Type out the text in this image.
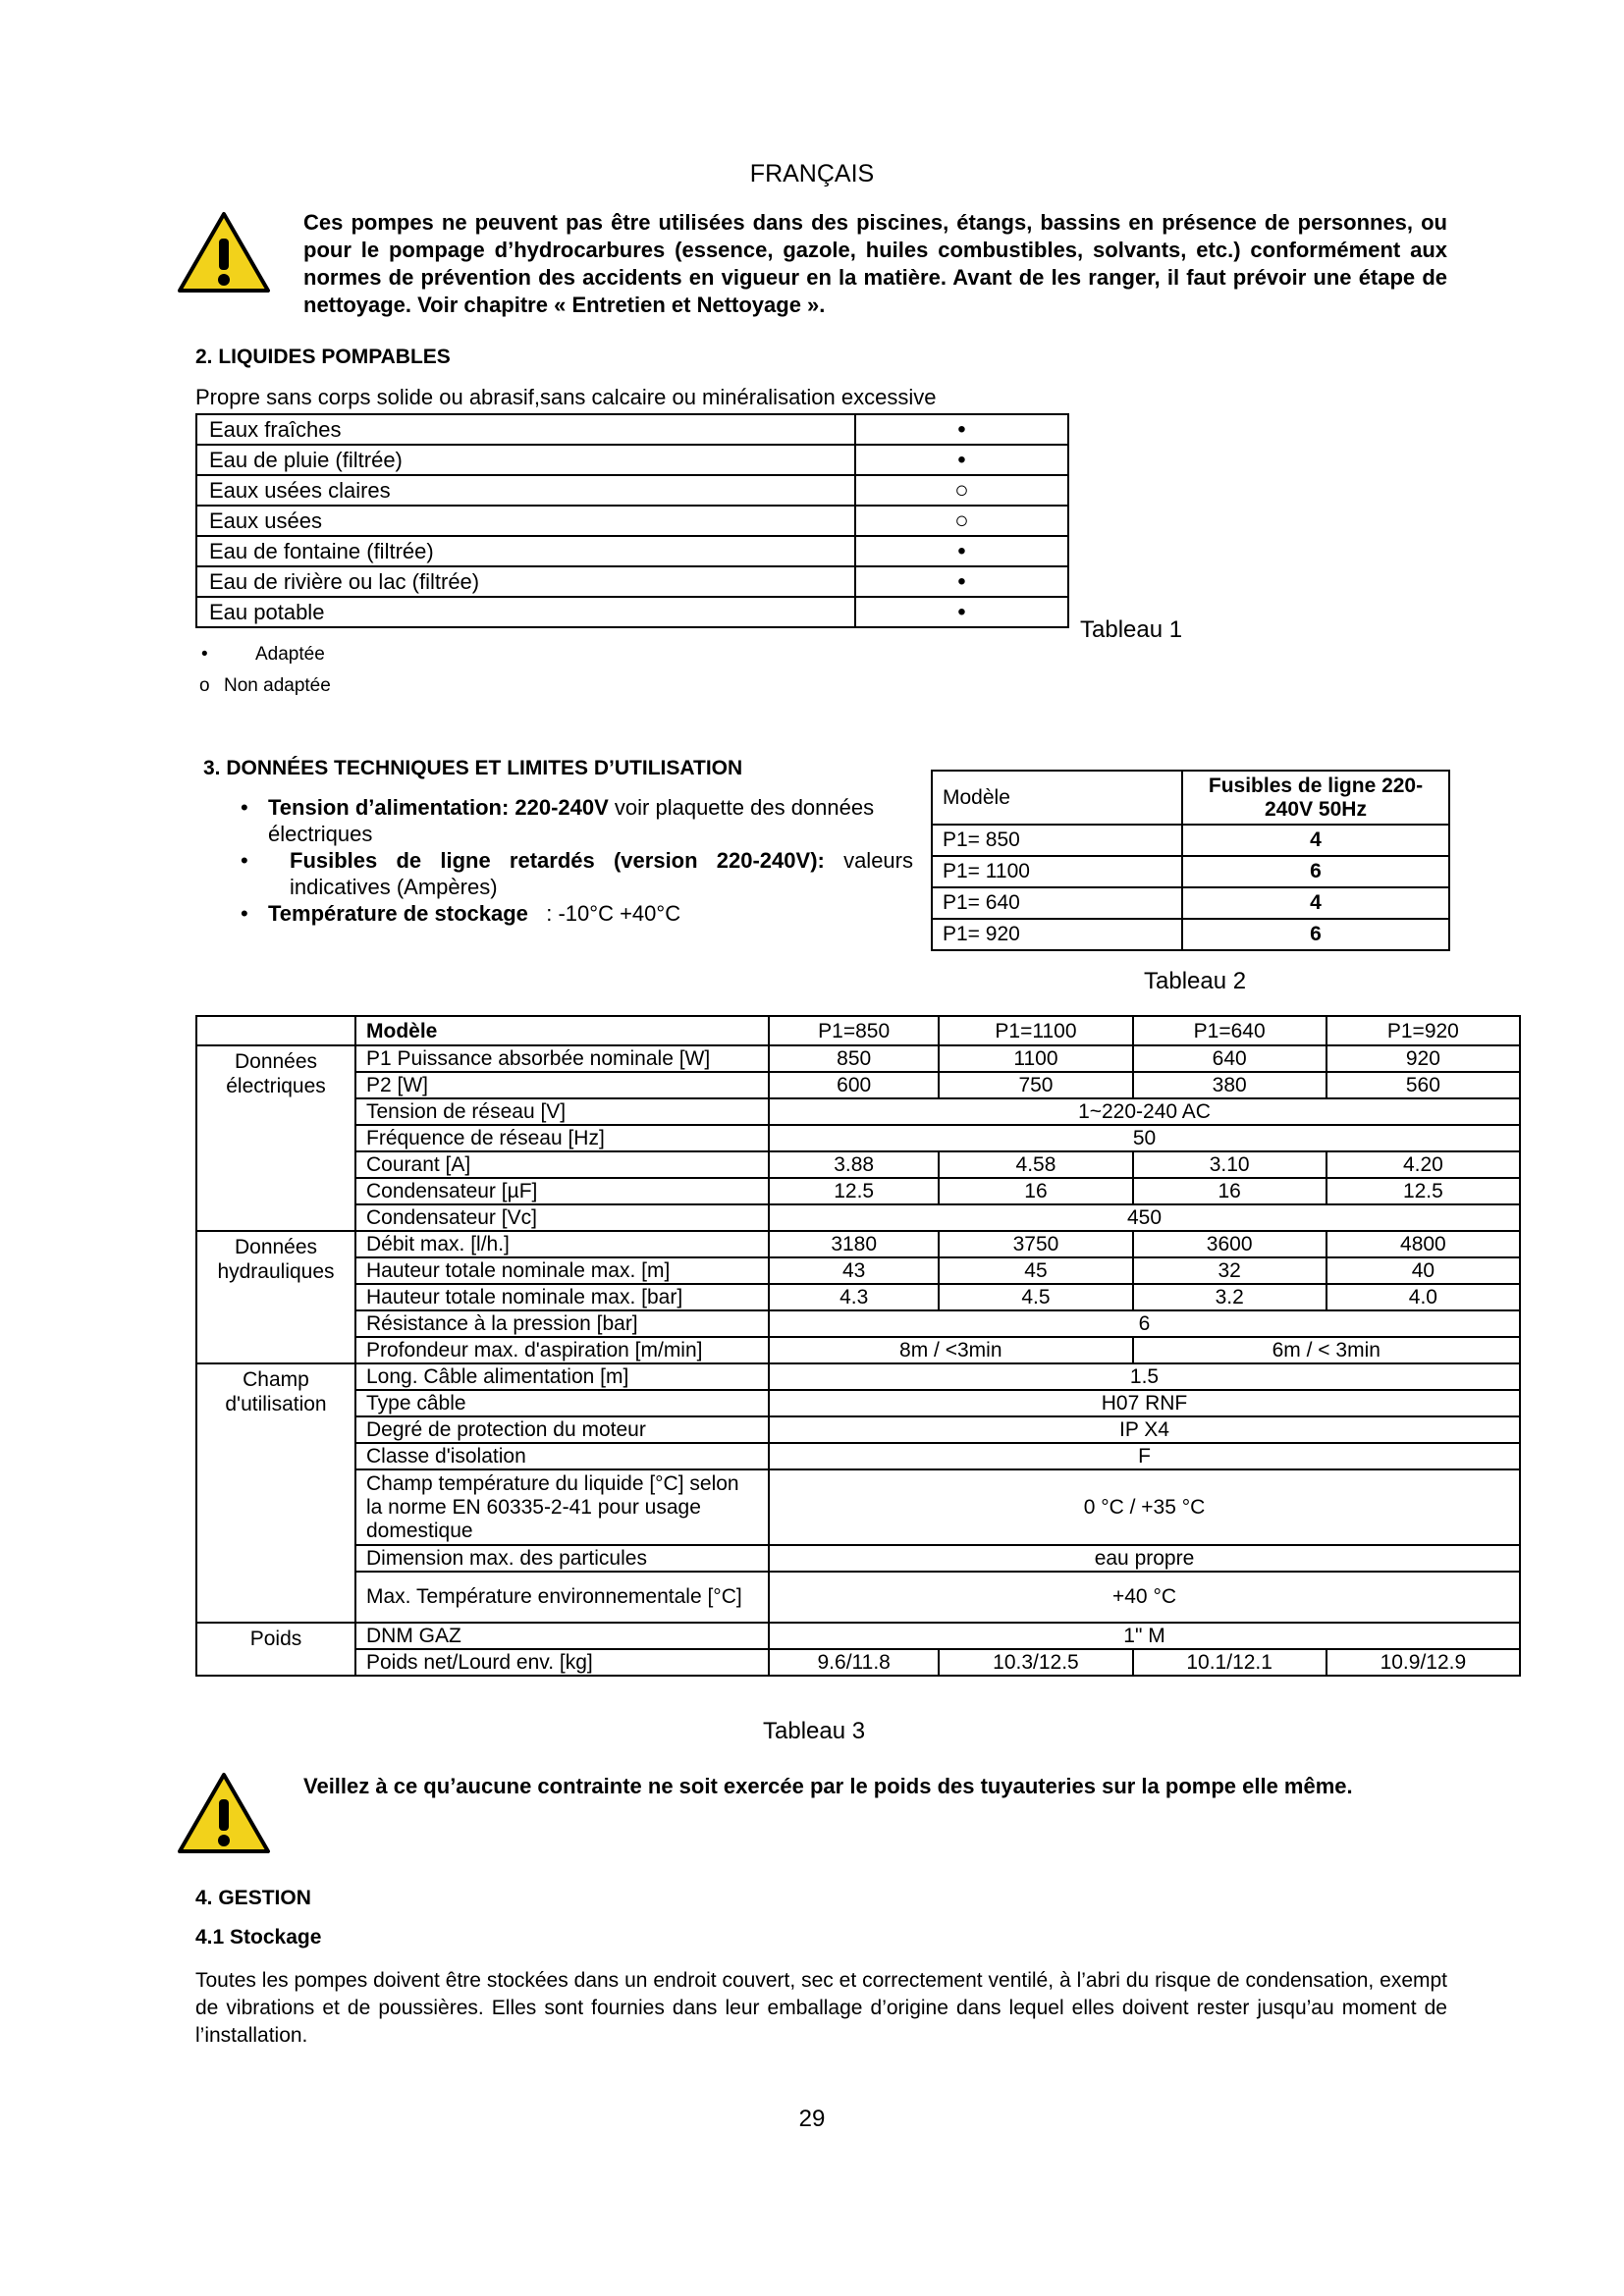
FRANÇAIS
Ces pompes ne peuvent pas être utilisées dans des piscines, étangs, bassins en présence de personnes, ou pour le pompage d’hydrocarbures (essence, gazole, huiles combustibles, solvants, etc.) conformément aux normes de prévention des accidents en vigueur en la matière. Avant de les ranger, il faut prévoir une étape de nettoyage. Voir chapitre « Entretien et Nettoyage ».
2. LIQUIDES POMPABLES
Propre sans corps solide ou abrasif,sans calcaire ou minéralisation excessive
Eaux fraîches	•
Eau de pluie (filtrée)	•
Eaux usées claires	○
Eaux usées	○
Eau de fontaine (filtrée)	•
Eau de rivière ou lac (filtrée)	•
Eau potable	•
Tableau 1
•	Adaptée
o Non adaptée
3. DONNÉES TECHNIQUES ET LIMITES D’UTILISATION
• Tension d’alimentation: 220-240V voir plaquette des données électriques
•	Fusibles de ligne retardés (version 220-240V): valeurs indicatives (Ampères)
• Température de stockage   : -10°C +40°C
Modèle	Fusibles de ligne 220-240V 50Hz
P1= 850	4
P1= 1100	6
P1= 640	4
P1= 920	6
Tableau 2
	Modèle	P1=850	P1=1100	P1=640	P1=920
Données électriques	P1 Puissance absorbée nominale [W]	850	1100	640	920
	P2 [W]	600	750	380	560
	Tension de réseau [V]	1~220-240 AC			
	Fréquence de réseau [Hz]	50			
	Courant [A]	3.88	4.58	3.10	4.20
	Condensateur [µF]	12.5	16	16	12.5
	Condensateur [Vc]	450			
Données hydrauliques	Débit max. [l/h.]	3180	3750	3600	4800
	Hauteur totale nominale max. [m]	43	45	32	40
	Hauteur totale nominale max. [bar]	4.3	4.5	3.2	4.0
	Résistance à la pression [bar]	6			
	Profondeur max. d'aspiration [m/min]	8m / <3min		6m / < 3min	
Champ d'utilisation	Long. Câble alimentation [m]	1.5			
	Type câble	H07 RNF			
	Degré de protection du moteur	IP X4			
	Classe d'isolation	F			
	Champ température du liquide [°C] selon la norme EN 60335-2-41 pour usage domestique	0 °C / +35 °C			
	Dimension max. des particules	eau propre			
	Max. Température environnementale [°C]	+40 °C			
Poids	DNM GAZ	1" M			
	Poids net/Lourd env. [kg]	9.6/11.8	10.3/12.5	10.1/12.1	10.9/12.9
Tableau 3
Veillez à ce qu’aucune contrainte ne soit exercée par le poids des tuyauteries sur la pompe elle même.
4. GESTION
4.1 Stockage
Toutes les pompes doivent être stockées dans un endroit couvert, sec et correctement ventilé, à l’abri du risque de condensation, exempt de vibrations et de poussières. Elles sont fournies dans leur emballage d’origine dans lequel elles doivent rester jusqu’au moment de l’installation.
29
